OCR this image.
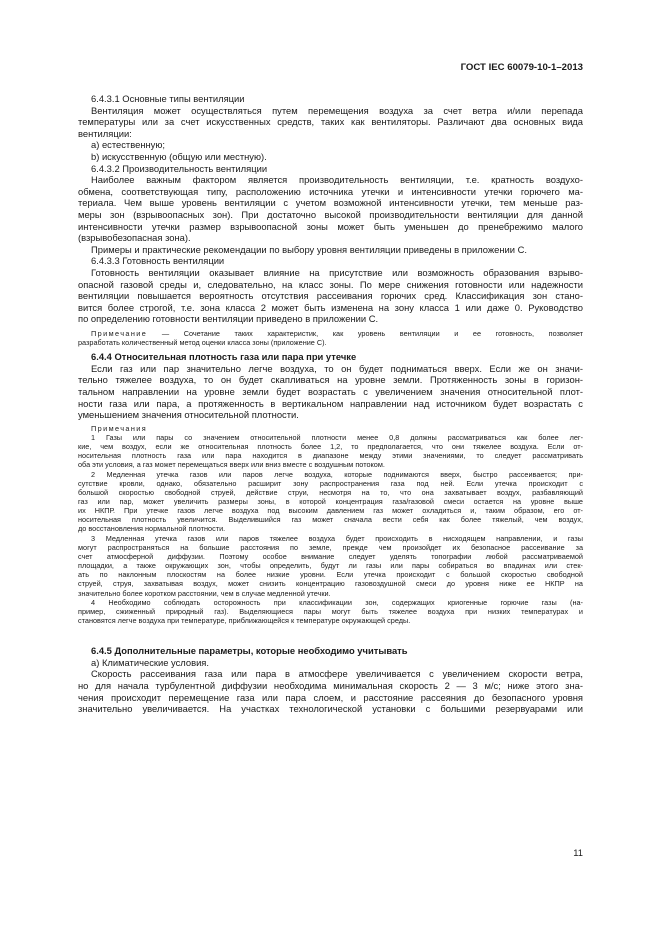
ГОСТ IEC 60079-10-1–2013

6.4.3.1 Основные типы вентиляции

Вентиляция может осуществляться путем перемещения воздуха за счет ветра и/или перепада

температуры или за счет искусственных средств, таких как вентиляторы. Различают два основных вида

вентиляции:

a) естественную;

b) искусственную (общую или местную).

6.4.3.2 Производительность вентиляции

Наиболее важным фактором является производительность вентиляции, т.е. кратность воздухо-

обмена, соответствующая типу, расположению источника утечки и интенсивности утечки горючего ма-

териала. Чем выше уровень вентиляции с учетом возможной интенсивности утечки, тем меньше раз-

меры зон (взрывоопасных зон). При достаточно высокой производительности вентиляции для данной

интенсивности утечки размер взрывоопасной зоны может быть уменьшен до пренебрежимо малого

(взрывобезопасная зона).

Примеры и практические рекомендации по выбору уровня вентиляции приведены в приложении С.

6.4.3.3 Готовность вентиляции

Готовность вентиляции оказывает влияние на присутствие или возможность образования взрыво-

опасной газовой среды и, следовательно, на класс зоны. По мере снижения готовности или надежности

вентиляции повышается вероятность отсутствия рассеивания горючих сред. Классификация зон стано-

вится более строгой, т.е. зона класса 2 может быть изменена на зону класса 1 или даже 0. Руководство

по определению готовности вентиляции приведено в приложении С.

Примечание — Сочетание таких характеристик, как уровень вентиляции и ее готовность, позволяет

разработать количественный метод оценки класса зоны (приложение С).

6.4.4 Относительная плотность газа или пара при утечке

Если газ или пар значительно легче воздуха, то он будет подниматься вверх. Если же он значи-

тельно тяжелее воздуха, то он будет скапливаться на уровне земли. Протяженность зоны в горизон-

тальном направлении на уровне земли будет возрастать с увеличением значения относительной плот-

ности газа или пара, а протяженность в вертикальном направлении над источником будет возрастать с

уменьшением значения относительной плотности.

Примечания

1 Газы или пары со значением относительной плотности менее 0,8 должны рассматриваться как более лег-

кие, чем воздух, если же относительная плотность более 1,2, то предполагается, что они тяжелее воздуха. Если от-

носительная плотность газа или пара находится в диапазоне между этими значениями, то следует рассматривать

оба эти условия, а газ может перемещаться вверх или вниз вместе с воздушным потоком.

2 Медленная утечка газов или паров легче воздуха, которые поднимаются вверх, быстро рассеивается; при-

сутствие кровли, однако, обязательно расширит зону распространения газа под ней. Если утечка происходит с

большой скоростью свободной струей, действие струи, несмотря на то, что она захватывает воздух, разбавляющий

газ или пар, может увеличить размеры зоны, в которой концентрация газа/газовой смеси остается на уровне выше

их НКПР. При утечке газов легче воздуха под высоким давлением газ может охладиться и, таким образом, его от-

носительная плотность увеличится. Выделившийся газ может сначала вести себя как более тяжелый, чем воздух,

до восстановления нормальной плотности.

3 Медленная утечка газов или паров тяжелее воздуха будет происходить в нисходящем направлении, и газы

могут распространяться на большие расстояния по земле, прежде чем произойдет их безопасное рассеивание за

счет атмосферной диффузии. Поэтому особое внимание следует уделять топографии любой рассматриваемой

площадки, а также окружающих зон, чтобы определить, будут ли газы или пары собираться во впадинах или стек-

ать по наклонным плоскостям на более низкие уровни. Если утечка происходит с большой скоростью свободной

струей, струя, захватывая воздух, может снизить концентрацию газовоздушной смеси до уровня ниже ее НКПР на

значительно более коротком расстоянии, чем в случае медленной утечки.

4 Необходимо соблюдать осторожность при классификации зон, содержащих криогенные горючие газы (на-

пример, сжиженный природный газ). Выделяющиеся пары могут быть тяжелее воздуха при низких температурах и

становятся легче воздуха при температуре, приближающейся к температуре окружающей среды.

6.4.5 Дополнительные параметры, которые необходимо учитывать

a) Климатические условия.

Скорость рассеивания газа или пара в атмосфере увеличивается с увеличением скорости ветра,

но для начала турбулентной диффузии необходима минимальная скорость 2 — 3 м/с; ниже этого зна-

чения происходит перемещение газа или пара слоем, и расстояние рассеяния до безопасного уровня

значительно увеличивается. На участках технологической установки с большими резервуарами или

11
